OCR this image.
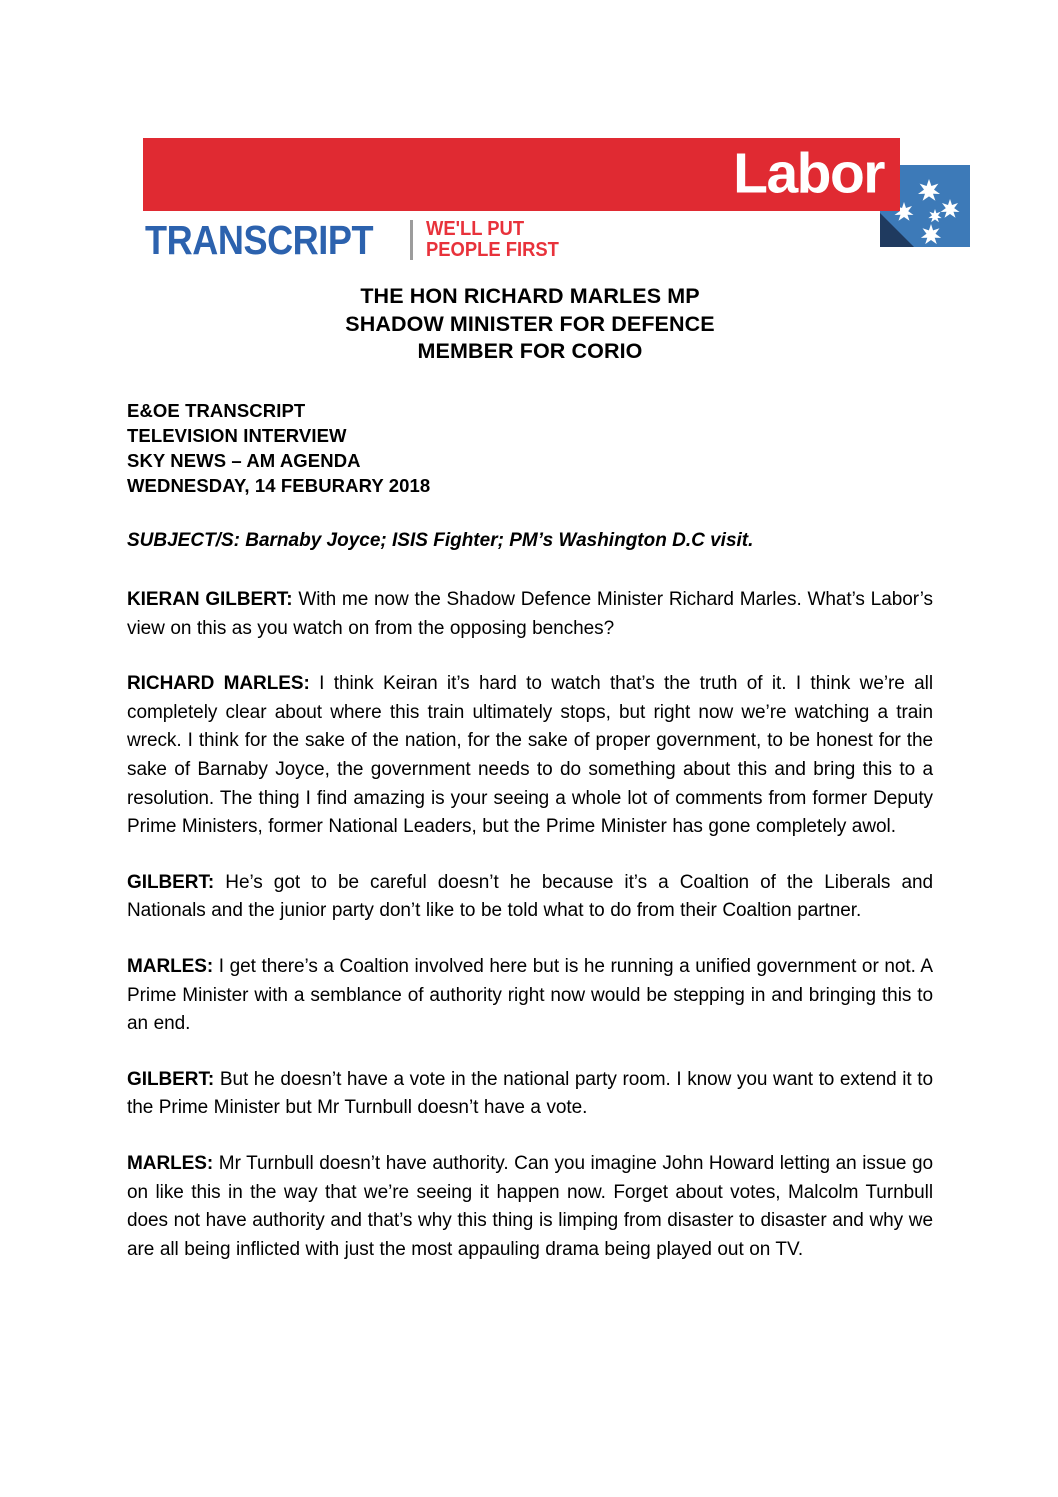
Labor
TRANSCRIPT	WE'LL PUT
PEOPLE FIRST
THE HON RICHARD MARLES MP
SHADOW MINISTER FOR DEFENCE
MEMBER FOR CORIO
E&OE TRANSCRIPT
TELEVISION INTERVIEW
SKY NEWS – AM AGENDA
WEDNESDAY, 14 FEBURARY 2018
SUBJECT/S: Barnaby Joyce; ISIS Fighter; PM’s Washington D.C visit.

KIERAN GILBERT: With me now the Shadow Defence Minister Richard Marles. What’s Labor’s view on this as you watch on from the opposing benches?

RICHARD MARLES: I think Keiran it’s hard to watch that’s the truth of it. I think we’re all completely clear about where this train ultimately stops, but right now we’re watching a train wreck. I think for the sake of the nation, for the sake of proper government, to be honest for the sake of Barnaby Joyce, the government needs to do something about this and bring this to a resolution. The thing I find amazing is your seeing a whole lot of comments from former Deputy Prime Ministers, former National Leaders, but the Prime Minister has gone completely awol.

GILBERT: He’s got to be careful doesn’t he because it’s a Coaltion of the Liberals and Nationals and the junior party don’t like to be told what to do from their Coaltion partner.

MARLES: I get there’s a Coaltion involved here but is he running a unified government or not. A Prime Minister with a semblance of authority right now would be stepping in and bringing this to an end.

GILBERT: But he doesn’t have a vote in the national party room. I know you want to extend it to the Prime Minister but Mr Turnbull doesn’t have a vote.

MARLES: Mr Turnbull doesn’t have authority. Can you imagine John Howard letting an issue go on like this in the way that we’re seeing it happen now. Forget about votes, Malcolm Turnbull does not have authority and that’s why this thing is limping from disaster to disaster and why we are all being inflicted with just the most appauling drama being played out on TV.
